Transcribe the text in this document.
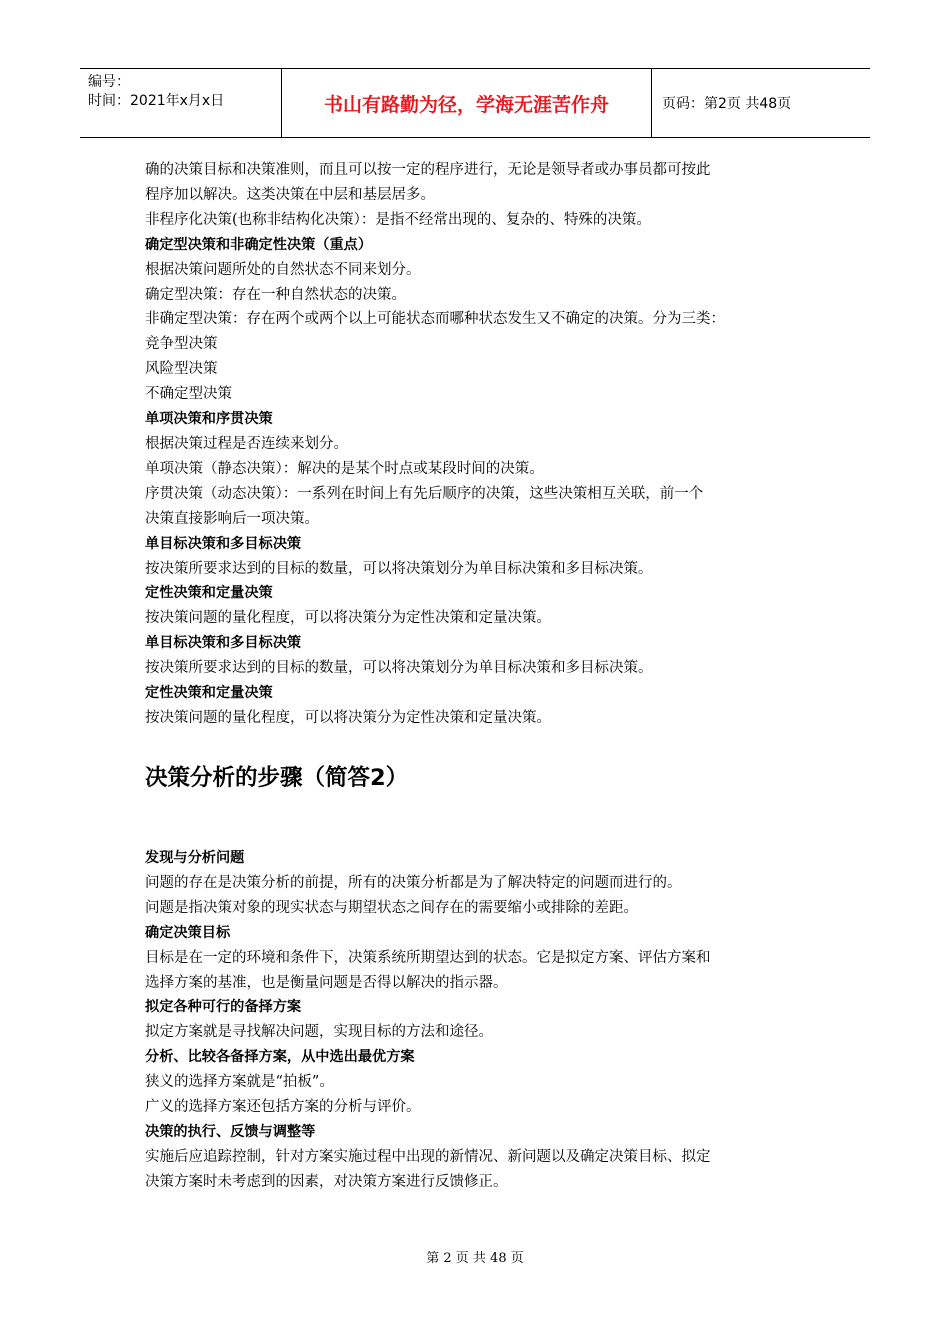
编号：
时间：2021年x月x日	书山有路勤为径，学海无涯苦作舟	页码：第2页 共48页

确的决策目标和决策准则，而且可以按一定的程序进行，无论是领导者或办事员都可按此

程序加以解决。这类决策在中层和基层居多。

非程序化决策(也称非结构化决策）：是指不经常出现的、复杂的、特殊的决策。

确定型决策和非确定性决策（重点）

根据决策问题所处的自然状态不同来划分。

确定型决策：存在一种自然状态的决策。

非确定型决策：存在两个或两个以上可能状态而哪种状态发生又不确定的决策。分为三类：

竞争型决策

风险型决策

不确定型决策

单项决策和序贯决策

根据决策过程是否连续来划分。

单项决策（静态决策）：解决的是某个时点或某段时间的决策。

序贯决策（动态决策）：一系列在时间上有先后顺序的决策，这些决策相互关联，前一个

决策直接影响后一项决策。

单目标决策和多目标决策

按决策所要求达到的目标的数量，可以将决策划分为单目标决策和多目标决策。

定性决策和定量决策

按决策问题的量化程度，可以将决策分为定性决策和定量决策。

单目标决策和多目标决策

按决策所要求达到的目标的数量，可以将决策划分为单目标决策和多目标决策。

定性决策和定量决策

按决策问题的量化程度，可以将决策分为定性决策和定量决策。

决策分析的步骤（简答2）

发现与分析问题

问题的存在是决策分析的前提，所有的决策分析都是为了解决特定的问题而进行的。

问题是指决策对象的现实状态与期望状态之间存在的需要缩小或排除的差距。

确定决策目标

目标是在一定的环境和条件下，决策系统所期望达到的状态。它是拟定方案、评估方案和

选择方案的基准，也是衡量问题是否得以解决的指示器。

拟定各种可行的备择方案

拟定方案就是寻找解决问题，实现目标的方法和途径。

分析、比较各备择方案，从中选出最优方案

狭义的选择方案就是“拍板”。

广义的选择方案还包括方案的分析与评价。

决策的执行、反馈与调整等

实施后应追踪控制，针对方案实施过程中出现的新情况、新问题以及确定决策目标、拟定

决策方案时未考虑到的因素，对决策方案进行反馈修正。

第 2 页 共 48 页
